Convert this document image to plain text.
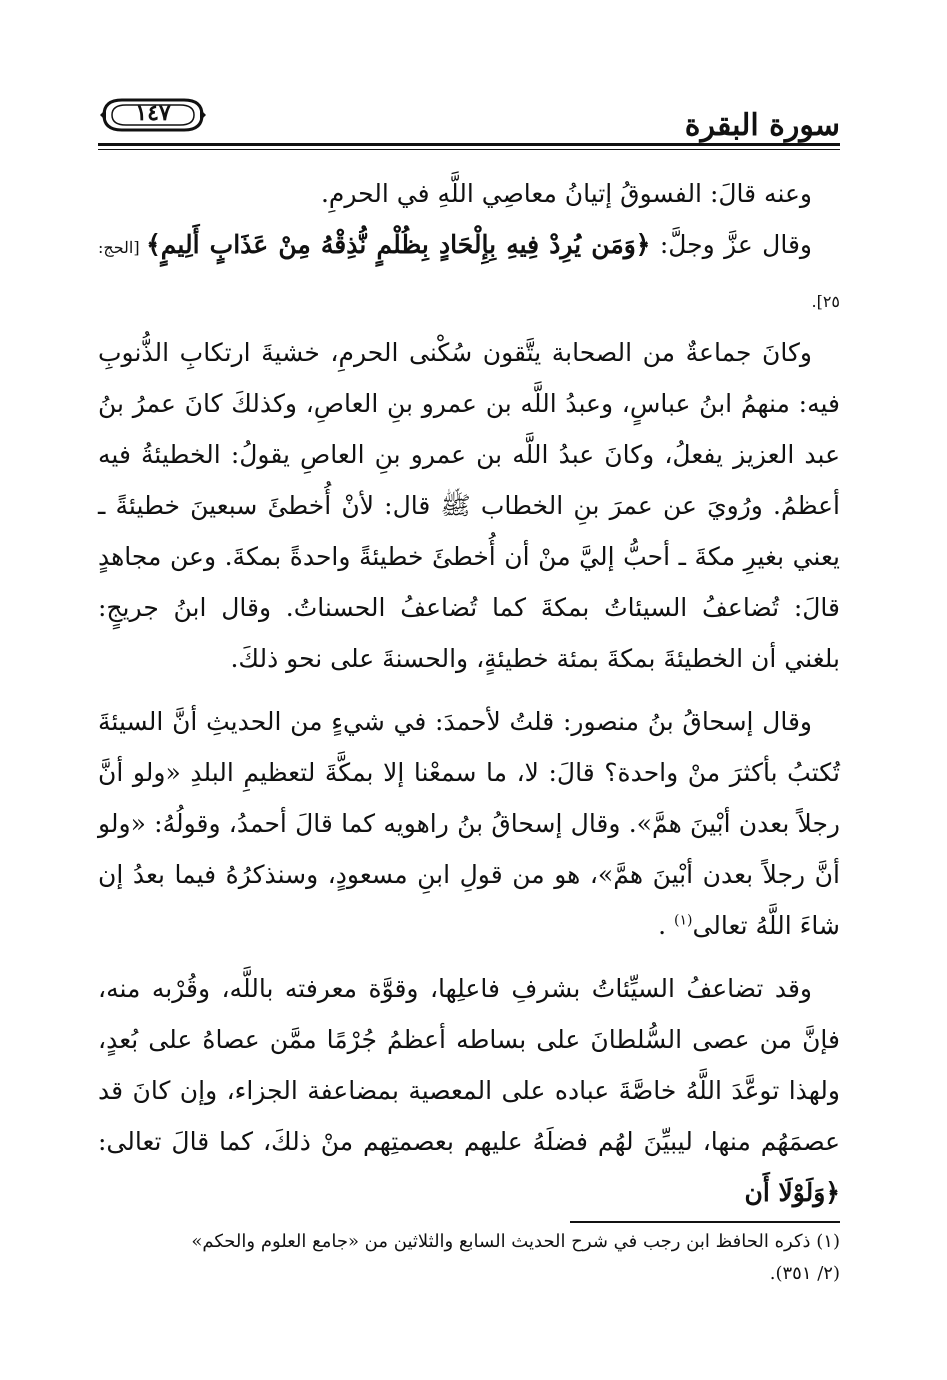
١٤٧	سورة البقرة

وعنه قالَ: الفسوقُ إتيانُ معاصِي اللَّهِ في الحرمِ.

وقال عزَّ وجلَّ: ﴿وَمَن يُرِدْ فِيهِ بِإِلْحَادٍ بِظُلْمٍ نُّذِقْهُ مِنْ عَذَابٍ أَلِيمٍ﴾ [الحج: ٢٥].

وكانَ جماعةٌ من الصحابة يتَّقون سُكْنى الحرمِ، خشيةَ ارتكابِ الذُّنوبِ فيه: منهمُ ابنُ عباسٍ، وعبدُ اللَّه بن عمرو بنِ العاصِ، وكذلكَ كانَ عمرُ بنُ عبد العزيز يفعلُ، وكانَ عبدُ اللَّه بن عمرو بنِ العاصِ يقولُ: الخطيئةُ فيه أعظمُ. ورُويَ عن عمرَ بنِ الخطاب ﷺ قال: لأنْ أُخطئَ سبعينَ خطيئةً ـ يعني بغيرِ مكةَ ـ أحبُّ إليَّ منْ أن أُخطئَ خطيئةً واحدةً بمكةَ. وعن مجاهدٍ قالَ: تُضاعفُ السيئاتُ بمكةَ كما تُضاعفُ الحسناتُ. وقال ابنُ جريجٍ: بلغني أن الخطيئةَ بمكةَ بمئة خطيئةٍ، والحسنةَ على نحو ذلكَ.

وقال إسحاقُ بنُ منصور: قلتُ لأحمدَ: في شيءٍ من الحديثِ أنَّ السيئةَ تُكتبُ بأكثرَ منْ واحدة؟ قالَ: لا، ما سمعْنا إلا بمكَّةَ لتعظيمِ البلدِ «ولو أنَّ رجلاً بعدن أبْينَ همَّ». وقال إسحاقُ بنُ راهويه كما قالَ أحمدُ، وقولُهُ: «ولو أنَّ رجلاً بعدن أبْينَ همَّ»، هو من قولِ ابنِ مسعودٍ، وسنذكرُهُ فيما بعدُ إن شاءَ اللَّهُ تعالى$^{(١)}$ .

وقد تضاعفُ السيِّئاتُ بشرفِ فاعلِها، وقوَّة معرفته باللَّه، وقُرْبه منه، فإنَّ من عصى السُّلطانَ على بساطه أعظمُ جُرْمًا ممَّن عصاهُ على بُعدٍ، ولهذا توعَّدَ اللَّهُ خاصَّةَ عباده على المعصية بمضاعفة الجزاء، وإن كانَ قد عصمَهُم منها، ليبيِّنَ لهُم فضلَهُ عليهم بعصمتِهم منْ ذلكَ، كما قالَ تعالى: ﴿وَلَوْلَا أَن

(١) ذكره الحافظ ابن رجب في شرح الحديث السابع والثلاثين من «جامع العلوم والحكم»

(٢/ ٣٥١).
